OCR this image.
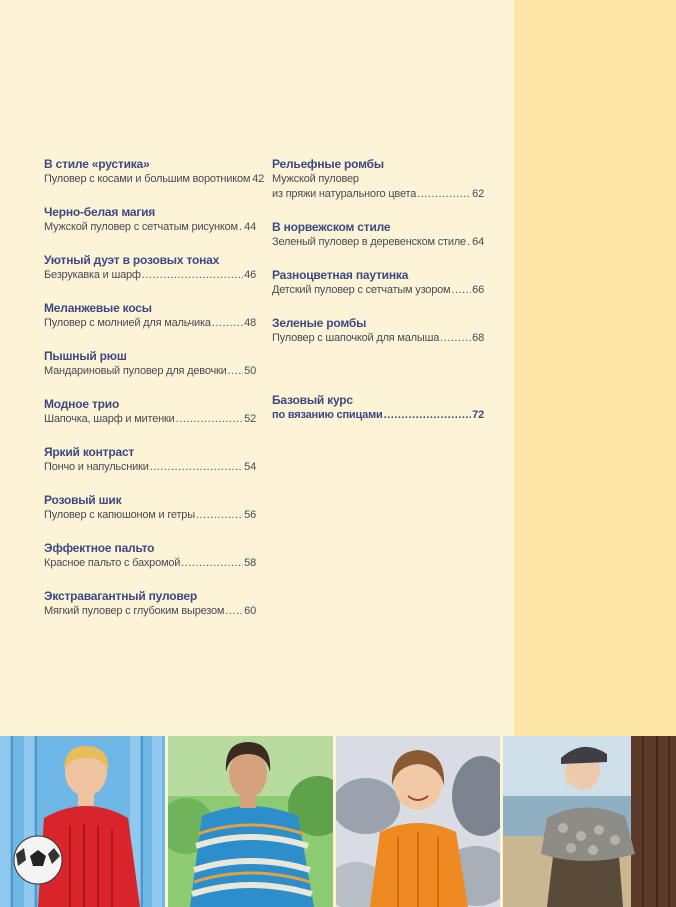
В стиле «рустика»
Пуловер с косами и большим воротником 42
Черно-белая магия
Мужской пуловер с сетчатым рисунком ..... 44
Уютный дуэт в розовых тонах
Безрукавка и шарф .....	46
Меланжевые косы
Пуловер с молнией для мальчика .....	48
Пышный рюш
Мандариновый пуловер для девочки ..... 50
Модное трио
Шапочка, шарф и митенки .....	52
Яркий контраст
Пончо и напульсники .....	54
Розовый шик
Пуловер с капюшоном и гетры .....	56
Эффектное пальто
Красное пальто с бахромой .....	58
Экстравагантный пуловер
Мягкий пуловер с глубоким вырезом ..... 60
Рельефные ромбы
Мужской пуловер
из пряжи натурального цвета .....	62
В норвежском стиле
Зеленый пуловер в деревенском стиле ..... 64
Разноцветная паутинка
Детский пуловер с сетчатым узором ..... 66
Зеленые ромбы
Пуловер с шапочкой для малыша .....	68
Базовый курс
по вязанию спицами .....	72
